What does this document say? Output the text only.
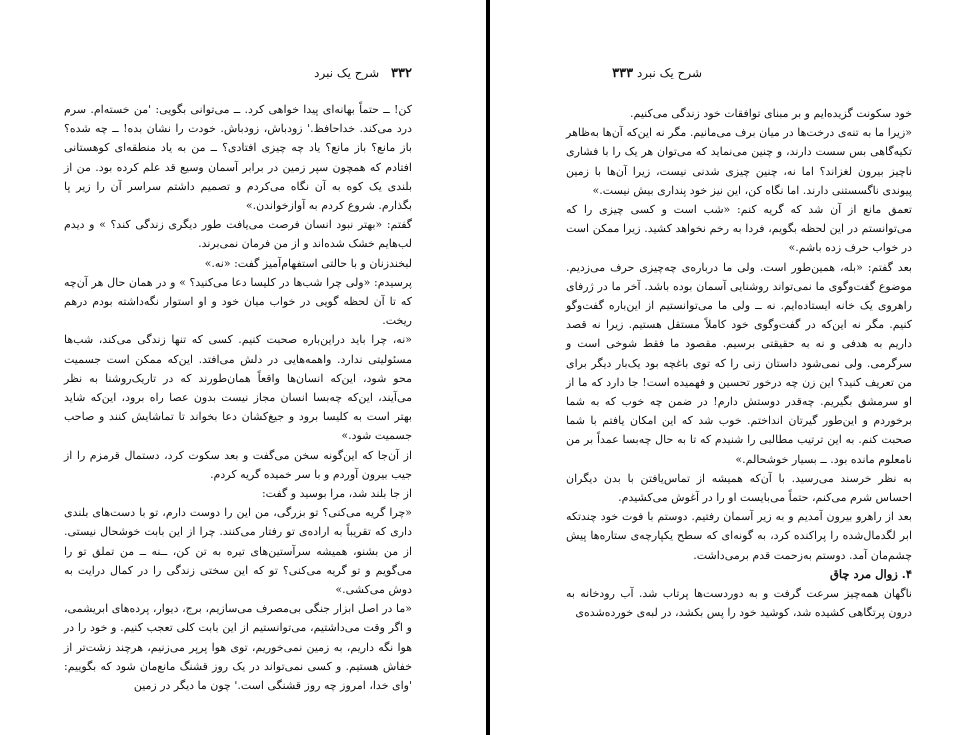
۳۳۲ شرح یک نبرد

کن! ــ حتماً بهانه‌ای پیدا خواهی کرد. ــ می‌توانی بگویی: 'من خسته‌ام. سرم درد می‌کند. خداحافظ.' زودباش، زودباش. خودت را نشان بده! ــ چه شده؟ باز مانع؟ باز مانع؟ یاد چه چیزی افتادی؟ ــ من به یاد منطقه‌ای کوهستانی افتادم که همچون سپر زمین در برابر آسمان وسیع قد علم کرده بود. من از بلندی یک کوه به آن نگاه می‌کردم و تصمیم داشتم سراسر آن را زیر پا بگذارم. شروع کردم به آوازخواندن.»

گفتم: «بهتر نبود انسان فرصت می‌یافت طور دیگری زندگی کند؟ » و دیدم لب‌هایم خشک شده‌اند و از من فرمان نمی‌برند.

لبخندزنان و با حالتی استفهام‌آمیز گفت: «نه.»

پرسیدم: «ولی چرا شب‌ها در کلیسا دعا می‌کنید؟ » و در همان حال هر آن‌چه که تا آن لحظه گویی در خواب میان خود و او استوار نگه‌داشته بودم درهم ریخت.

«نه، چرا باید دراین‌باره صحبت کنیم. کسی که تنها زندگی می‌کند، شب‌ها مسئولیتی ندارد. واهمه‌هایی در دلش می‌افتد. این‌که ممکن است جسمیت محو شود، این‌که انسان‌ها واقعاً همان‌طورند که در تاریک‌روشنا به نظر می‌آیند، این‌که چه‌بسا انسان مجاز نیست بدون عصا راه برود، این‌که شاید بهتر است به کلیسا برود و جیغ‌کشان دعا بخواند تا تماشایش کنند و صاحب جسمیت شود.»

از آن‌جا که این‌گونه سخن می‌گفت و بعد سکوت کرد، دستمال قرمزم را از جیب بیرون آوردم و با سر خمیده گریه کردم.

از جا بلند شد، مرا بوسید و گفت:

«چرا گریه می‌کنی؟ تو بزرگی، من این را دوست دارم، تو با دست‌های بلندی داری که تقریباً به اراده‌ی تو رفتار می‌کنند. چرا از این بابت خوشحال نیستی. از من بشنو، همیشه سرآستین‌های تیره به تن کن، ــنه ــ من تملق تو را می‌گویم و تو گریه می‌کنی؟ تو که این سختی زندگی را در کمال درایت به دوش می‌کشی.»

«ما در اصل ابزار جنگی بی‌مصرف می‌سازیم، برج، دیوار، پرده‌های ابریشمی، و اگر وقت می‌داشتیم، می‌توانستیم از این بابت کلی تعجب کنیم. و خود را در هوا نگه داریم، به زمین نمی‌خوریم، توی هوا پرپر می‌زنیم، هرچند زشت‌تر از خفاش هستیم. و کسی نمی‌تواند در یک روز قشنگ مانع‌مان شود که بگوییم: 'وای خدا، امروز چه روز قشنگی است.' چون ما دیگر در زمین

شرح یک نبرد ۳۳۳

خود سکونت گزیده‌ایم و بر مبنای توافقات خود زندگی می‌کنیم.

«زیرا ما به تنه‌ی درخت‌ها در میان برف می‌مانیم. مگر نه این‌که آن‌ها به‌ظاهر تکیه‌گاهی بس سست دارند، و چنین می‌نماید که می‌توان هر یک را با فشاری ناچیز بیرون لغزاند؟ اما نه، چنین چیزی شدنی نیست، زیرا آن‌ها با زمین پیوندی ناگسستنی دارند. اما نگاه کن، این نیز خود پنداری بیش نیست.»

تعمق مانع از آن شد که گریه کنم: «شب است و کسی چیزی را که می‌توانستم در این لحظه بگویم، فردا به رخم نخواهد کشید. زیرا ممکن است در خواب حرف زده باشم.»

بعد گفتم: «بله، همین‌طور است. ولی ما درباره‌ی چه‌چیزی حرف می‌زدیم. موضوع گفت‌وگوی ما نمی‌تواند روشنایی آسمان بوده باشد. آخر ما در ژرفای راهروی یک خانه ایستاده‌ایم. نه ــ ولی ما می‌توانستیم از این‌باره گفت‌وگو کنیم. مگر نه این‌که در گفت‌وگوی خود کاملاً مستقل هستیم. زیرا نه قصد داریم به هدفی و نه به حقیقتی برسیم. مقصود ما فقط شوخی است و سرگرمی. ولی نمی‌شود داستان زنی را که توی باغچه بود یک‌بار دیگر برای من تعریف کنید؟ این زن چه درخور تحسین و فهمیده است! جا دارد که ما از او سرمشق بگیریم. چه‌قدر دوستش دارم! در ضمن چه خوب که به شما برخوردم و این‌طور گیرتان انداختم. خوب شد که این امکان یافتم با شما صحبت کنم. به این ترتیب مطالبی را شنیدم که تا به حال چه‌بسا عمداً بر من نامعلوم مانده بود. ــ بسیار خوشحالم.»

به نظر خرسند می‌رسید. با آن‌که همیشه از تماس‌یافتن با بدن دیگران احساس شرم می‌کنم، حتماً می‌بایست او را در آغوش می‌کشیدم.

بعد از راهرو بیرون آمدیم و به زیر آسمان رفتیم. دوستم با فوت خود چندتکه ابر لگدمال‌شده را پراکنده کرد، به گونه‌ای که سطح یکپارچه‌ی ستاره‌ها پیش چشم‌مان آمد. دوستم به‌زحمت قدم برمی‌داشت.

۴. زوال مرد چاق

ناگهان همه‌چیز سرعت گرفت و به دوردست‌ها پرتاب شد. آب رودخانه به درون پرتگاهی کشیده شد، کوشید خود را پس بکشد، در لبه‌ی خورده‌شده‌ی
